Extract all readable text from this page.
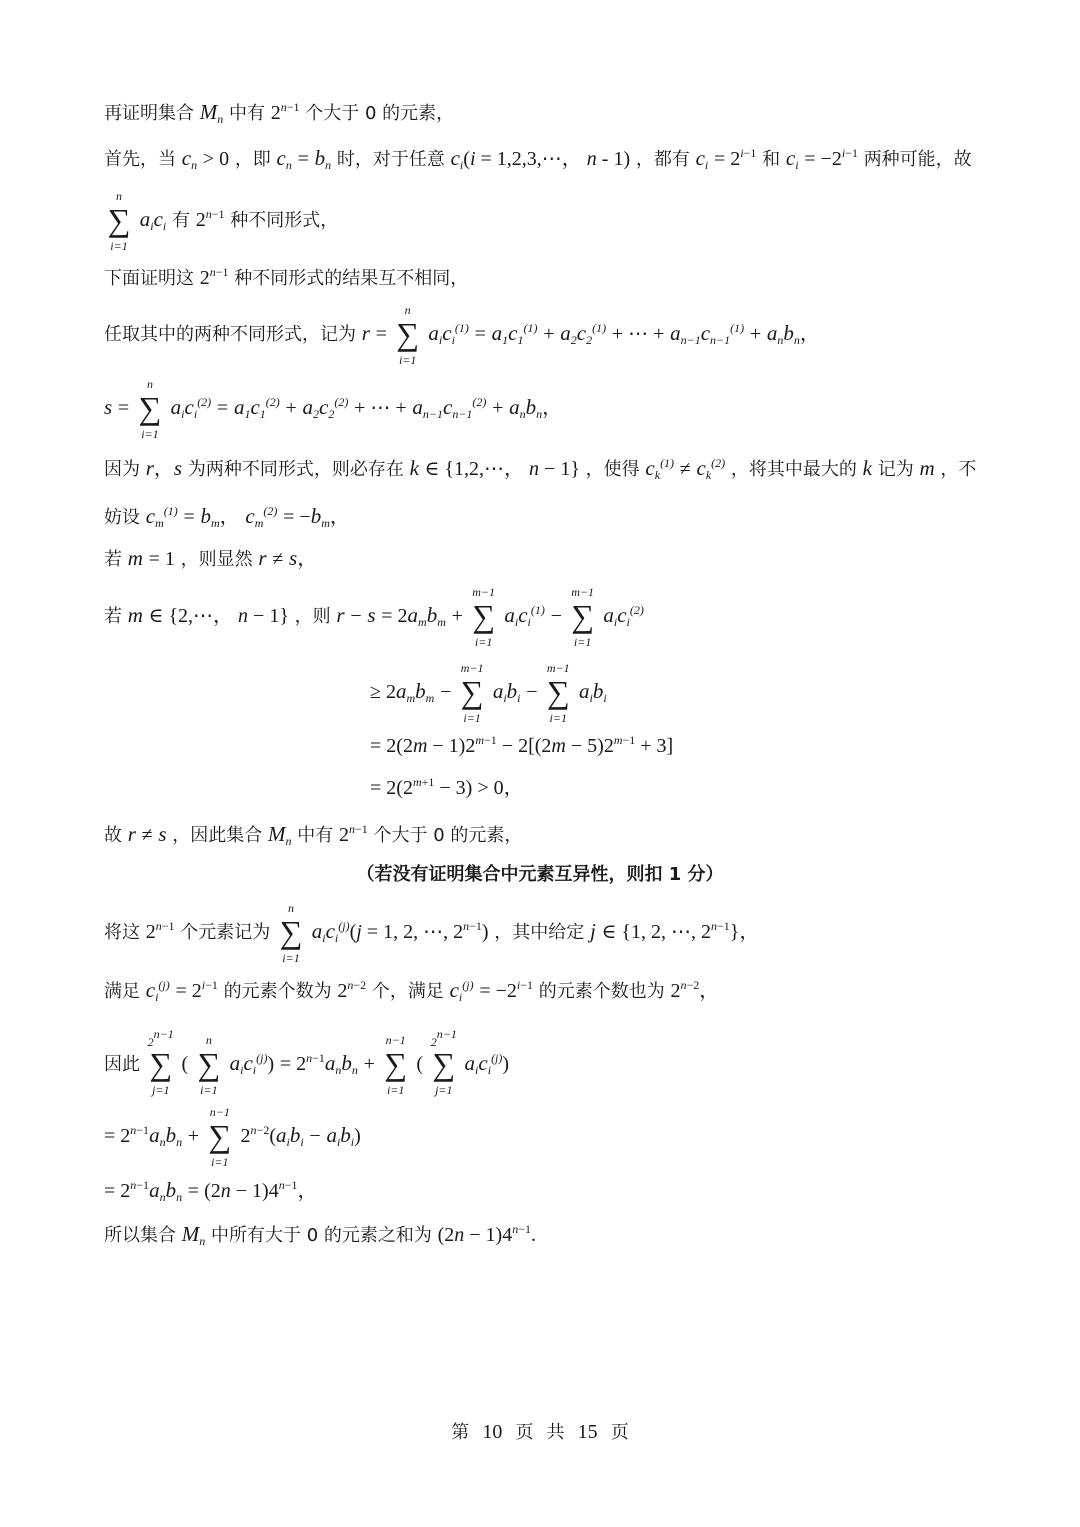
再证明集合 $M_n$ 中有 $2^{n-1}$ 个大于 0 的元素，
首先，当 $c_n > 0$ ，即 $c_n = b_n$ 时，对于任意 $c_i(i$ = 1,2,3,⋯， n - 1) ，都有 $c_i = 2^{i-1}$ 和 $c_i = -2^{i-1}$ 两种可能，故
n
∑
i=1
$a_ic_i$ 有 $2^{n-1}$ 种不同形式，
下面证明这 $2^{n-1}$ 种不同形式的结果互不相同，
任取其中的两种不同形式，记为 r =
n
∑
i=1
$a_ic_i^{(1)} = a_1c_1^{(1)} + a_2c_2^{(1)}$ + ⋯ + $a_{n-1}c_{n-1}^{(1)} + a_nb_n$，
s =
n
∑
i=1
$a_ic_i^{(2)} = a_1c_1^{(2)} + a_2c_2^{(2)}$ + ⋯ + $a_{n-1}c_{n-1}^{(2)} + a_nb_n$，
因为 r，s 为两种不同形式，则必存在 k ∈ {1,2,⋯， n − 1} ，使得 $c_k^{(1)} \ne c_k^{(2)}$ ，将其中最大的 k 记为 m ，不
妨设 $c_m^{(1)} = b_m$， $c_m^{(2)} = -b_m$，
若 m = 1 ，则显然 r ≠ s，
若 m ∈ {2,⋯， n − 1} ，则 $r - s = 2a_mb_m$ +
m−1
∑
i=1
$a_ic_i^{(1)}$ −
m−1
∑
i=1
$a_ic_i^{(2)}$
≥ $2a_mb_m$ −
m−1
∑
i=1
$a_ib_i$ −
m−1
∑
i=1
$a_ib_i$
= $2(2m - 1)2^{m-1} - 2[(2m - 5)2^{m-1} + 3]$
= $2(2^{m+1} - 3) > 0$，
故 r ≠ s ，因此集合 $M_n$ 中有 $2^{n-1}$ 个大于 0 的元素，
（若没有证明集合中元素互异性，则扣 1 分）
将这 $2^{n-1}$ 个元素记为
n
∑
i=1
$a_ic_i^{(j)}(j = 1$, 2, ⋯, $2^{n-1}$) ，其中给定 j ∈ {1, 2, ⋯, $2^{n-1}$}，
满足 $c_i^{(j)} = 2^{i-1}$ 的元素个数为 $2^{n-2}$ 个，满足 $c_i^{(j)} = -2^{i-1}$ 的元素个数也为 $2^{n-2}$，
因此
$2^{n-1}$
∑
j=1
(
n
∑
i=1
$a_ic_i^{(j)}) = 2^{n-1}a_nb_n$ +
n−1
∑
i=1
(
$2^{n-1}$
∑
j=1
$a_ic_i^{(j)}$)
= $2^{n-1}a_nb_n$ +
n−1
∑
i=1
$2^{n-2}(a_ib_i - a_ib_i)$
= $2^{n-1}a_nb_n = (2n - 1)4^{n-1}$，
所以集合 $M_n$ 中所有大于 0 的元素之和为 $(2n - 1)4^{n-1}$.
第 10 页 共 15 页
